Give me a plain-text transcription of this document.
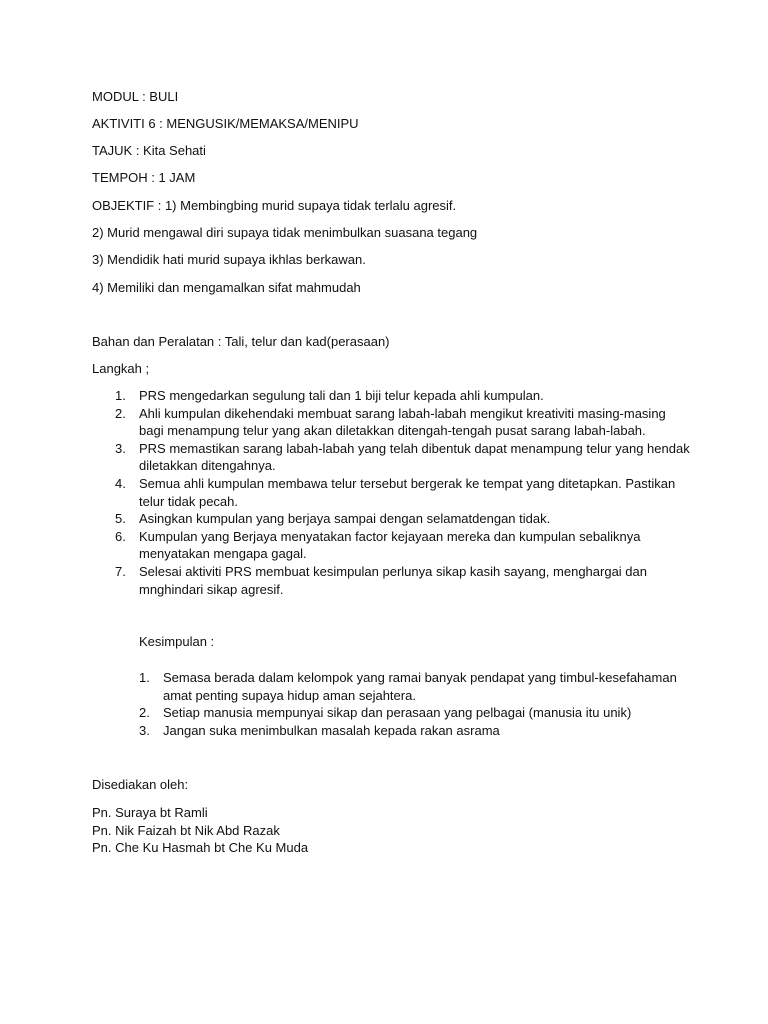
MODUL : BULI

AKTIVITI 6 : MENGUSIK/MEMAKSA/MENIPU

TAJUK : Kita Sehati

TEMPOH : 1 JAM

OBJEKTIF : 1) Membingbing murid supaya tidak terlalu agresif.

2) Murid mengawal diri supaya tidak menimbulkan suasana tegang

3) Mendidik hati murid supaya ikhlas berkawan.

4) Memiliki dan mengamalkan sifat mahmudah

Bahan dan Peralatan : Tali, telur dan kad(perasaan)

Langkah ;

1. PRS mengedarkan segulung tali dan 1 biji telur kepada ahli kumpulan.
2. Ahli kumpulan dikehendaki membuat sarang labah-labah mengikut kreativiti masing-masing bagi menampung telur yang akan diletakkan ditengah-tengah pusat sarang labah-labah.
3. PRS memastikan sarang labah-labah yang telah dibentuk dapat menampung telur yang hendak diletakkan ditengahnya.
4. Semua ahli kumpulan membawa telur tersebut bergerak ke tempat yang ditetapkan. Pastikan telur tidak pecah.
5. Asingkan kumpulan yang berjaya sampai dengan selamatdengan tidak.
6. Kumpulan yang Berjaya menyatakan factor kejayaan mereka dan kumpulan sebaliknya menyatakan mengapa gagal.
7. Selesai aktiviti PRS membuat kesimpulan perlunya sikap kasih sayang, menghargai dan mnghindari sikap agresif.

Kesimpulan :

1. Semasa berada dalam kelompok yang ramai banyak pendapat yang timbul-kesefahaman amat penting supaya hidup aman sejahtera.
2. Setiap manusia mempunyai sikap dan perasaan yang pelbagai (manusia itu unik)
3. Jangan suka menimbulkan masalah kepada rakan asrama

Disediakan oleh:

Pn. Suraya bt Ramli
Pn. Nik Faizah bt Nik Abd Razak
Pn. Che Ku Hasmah bt Che Ku Muda
